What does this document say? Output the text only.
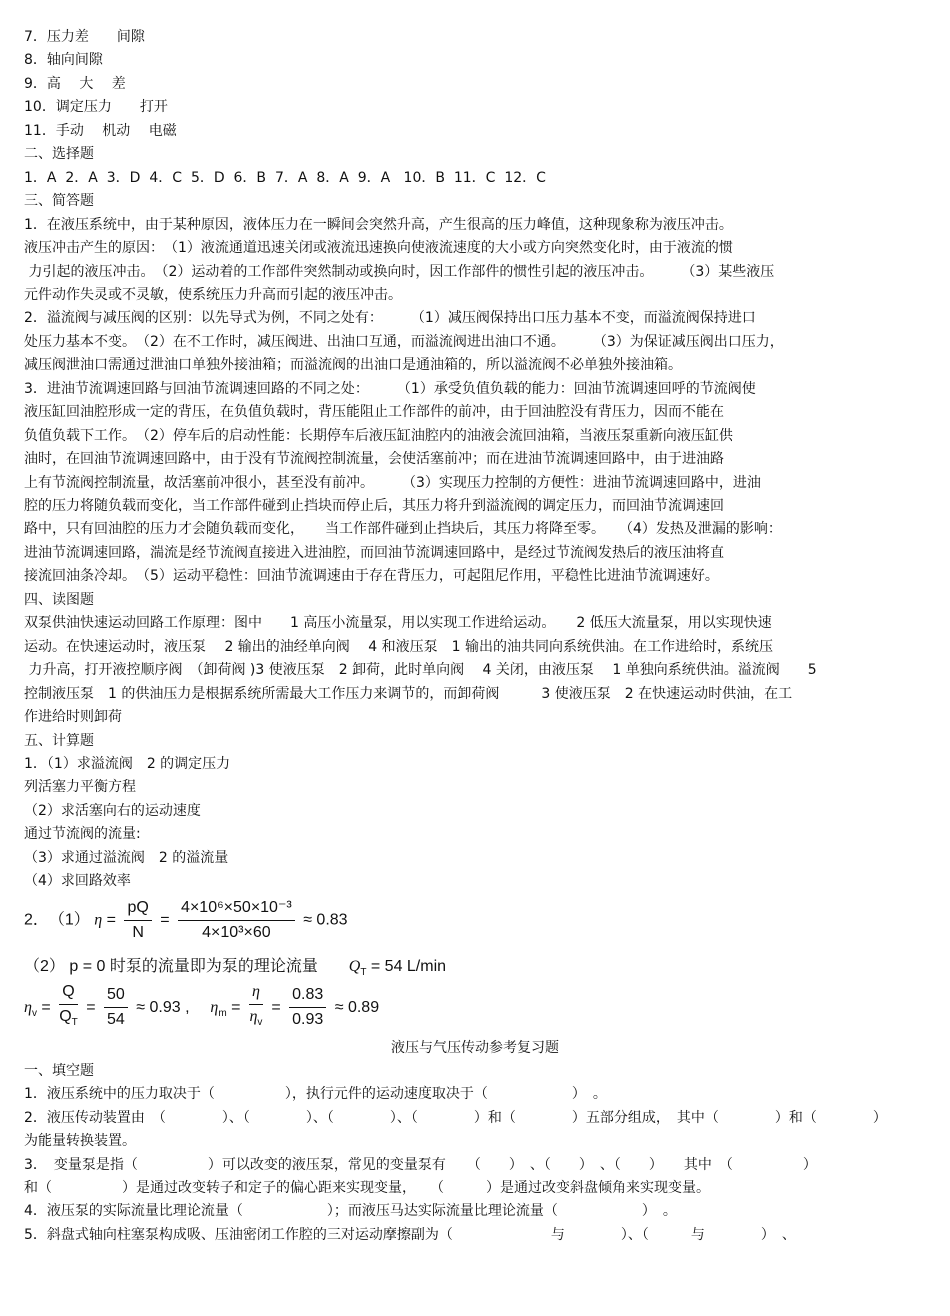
7．压力差　　间隙
8．轴向间隙
9．高　 大　 差
10．调定压力　　打开
11．手动　 机动　 电磁
二、选择题
1．A  2．A  3．D  4．C  5．D  6．B  7．A  8．A  9．A   10．B  11．C  12．C
三、简答题
1．在液压系统中，由于某种原因，液体压力在一瞬间会突然升高，产生很高的压力峰值，这种现象称为液压冲击。
液压冲击产生的原因：　（1）液流通道迅速关闭或液流迅速换向使液流速度的大小或方向突然变化时，由于液流的惯
力引起的液压冲击。　（2）运动着的工作部件突然制动或换向时，因工作部件的惯性引起的液压冲击。　　　（3）某些液压
元件动作失灵或不灵敏，使系统压力升高而引起的液压冲击。
2．溢流阀与减压阀的区别：以先导式为例，不同之处有：　　　（1）减压阀保持出口压力基本不变，而溢流阀保持进口
处压力基本不变。　（2）在不工作时，减压阀进、出油口互通，而溢流阀进出油口不通。　　　（3）为保证减压阀出口压力，
减压阀泄油口需通过泄油口单独外接油箱；而溢流阀的出油口是通油箱的，所以溢流阀不必单独外接油箱。
3．进油节流调速回路与回油节流调速回路的不同之处：　　　（1）承受负值负载的能力：回油节流调速回呼的节流阀使
液压缸回油腔形成一定的背压，在负值负载时，背压能阻止工作部件的前冲，由于回油腔没有背压力，因而不能在
负值负载下工作。　（2）停车后的启动性能：长期停车后液压缸油腔内的油液会流回油箱，当液压泵重新向液压缸供
油时，在回油节流调速回路中，由于没有节流阀控制流量，会使活塞前冲；而在进油节流调速回路中，由于进油路
上有节流阀控制流量，故活塞前冲很小，甚至没有前冲。　　　（3）实现压力控制的方便性：进油节流调速回路中，进油
腔的压力将随负载而变化，当工作部件碰到止挡块而停止后，其压力将升到溢流阀的调定压力，而回油节流调速回
路中，只有回油腔的压力才会随负载而变化，　　当工作部件碰到止挡块后，其压力将降至零。　　（4）发热及泄漏的影响：
进油节流调速回路，湍流是经节流阀直接进入进油腔，而回油节流调速回路中，是经过节流阀发热后的液压油将直
接流回油条冷却。　（5）运动平稳性：回油节流调速由于存在背压力，可起阻尼作用，平稳性比进油节流调速好。
四、读图题
双泵供油快速运动回路工作原理：图中　　1 高压小流量泵，用以实现工作进给运动。　　2 低压大流量泵，用以实现快速
运动。在快速运动时，液压泵　 2 输出的油经单向阀　 4 和液压泵　1 输出的油共同向系统供油。在工作进给时，系统压
力升高，打开液控顺序阀　（卸荷阀 )3 使液压泵　2 卸荷，此时单向阀　 4 关闭，由液压泵　 1 单独向系统供油。溢流阀　　5
控制液压泵　1 的供油压力是根据系统所需最大工作压力来调节的，而卸荷阀　　　3 使液压泵　2 在快速运动时供油，在工
作进给时则卸荷
五、计算题
1．（1）求溢流阀　2 的调定压力
列活塞力平衡方程
（2）求活塞向右的运动速度
通过节流阀的流量:
（3）求通过溢流阀　2 的溢流量
（4）求回路效率
2．　（1） $\eta = \frac{pQ}{N} = \frac{\text{4×10⁶×50×10⁻³}}{\text{4×10³×60}} \approx 0.83$
（2） p = 0 时泵的流量即为泵的理论流量 $Q_T = 54$ L/min
$\eta_v = \frac{Q}{Q_T} = \frac{50}{54} \approx 0.93$ , $\eta_m = \frac{\eta}{\eta_v} = \frac{0.83}{0.93} \approx 0.89$
液压与气压传动参考复习题
一、填空题
1．液压系统中的压力取决于（　　　　　），执行元件的运动速度取决于（　　　　　　）　。
2．液压传动装置由　（　　　　）、（　　　　）、（　　　　）、（　　　　）和（　　　　）五部分组成，　其中（　　　　）和（　　　　）
为能量转换装置。
3．　变量泵是指（　　　　　）可以改变的液压泵，常见的变量泵有　　（　　）　、（　　）　、（　　）　　其中　（　　　　　）
和（　　　　　）是通过改变转子和定子的偏心距来实现变量，　　（　　　）是通过改变斜盘倾角来实现变量。
4．液压泵的实际流量比理论流量（　　　　　　）；而液压马达实际流量比理论流量（　　　　　　）　。
5．斜盘式轴向柱塞泵构成吸、压油密闭工作腔的三对运动摩擦副为（　　　　　　　与　　　　）、（　　　与　　　　）　、
